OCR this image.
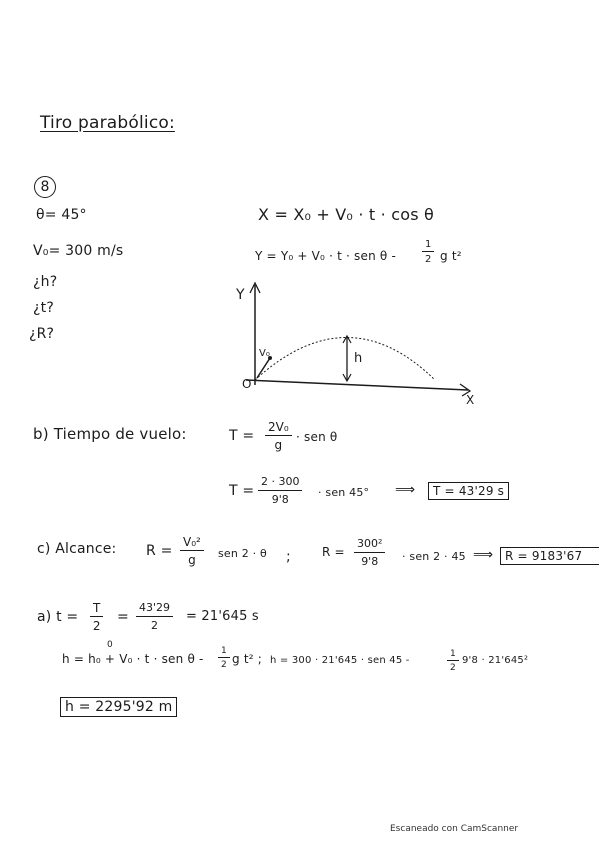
Tiro parabólico:
8
θ= 45°
V₀= 300 m/s
¿h?
¿t?
¿R?
X = X₀ + V₀ · t · cos θ
Y = Y₀ + V₀ · t · sen θ -	$\frac{1}{2}$ g t²
Y
X
O
V₀	h
b) Tiempo de vuelo:	$T = \frac{\text{2V₀}}{g}$ · sen θ
$T = \frac{2 \cdot 300}{9'8}$ · sen 45° ⟹	T = 43'29 s
c) Alcance: $R = \frac{\text{V₀²}}{g}$ sen 2 · θ ;	$R = \frac{\text{300²}}{9'8}$ · sen 2 · 45 ⟹ R = 9183'67
a) $t = \frac{T}{2} = \frac{43'29}{2} = 21'645$ s
0
h = h₀ + V₀ · t · sen θ - $\frac{1}{2}$ g t² ; h = 300 · 21'645 · sen 45 -	$\frac{1}{2} 9'8 \cdot 21'645^2$
h = 2295'92 m
Escaneado con CamScanner
